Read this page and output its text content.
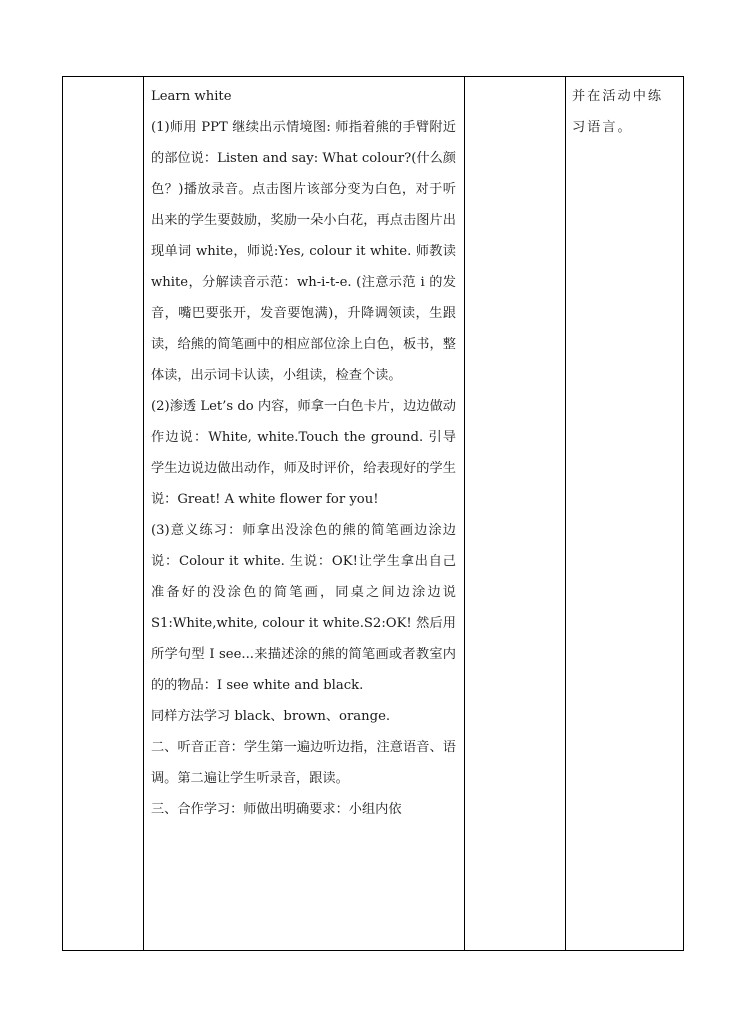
Learn white

(1)师用 PPT 继续出示情境图: 师指着熊的手臂附近的部位说：Listen and say: What colour?(什么颜色？)播放录音。点击图片该部分变为白色，对于听出来的学生要鼓励，奖励一朵小白花，再点击图片出现单词 white，师说:Yes, colour it white. 师教读 white，分解读音示范：wh-i-t-e. (注意示范 i 的发音，嘴巴要张开，发音要饱满)，升降调领读，生跟读，给熊的简笔画中的相应部位涂上白色，板书，整体读，出示词卡认读，小组读，检查个读。

(2)渗透 Let’s do 内容，师拿一白色卡片，边边做动作边说：White, white.Touch the ground. 引导学生边说边做出动作，师及时评价，给表现好的学生说：Great! A white flower for you!

(3)意义练习：师拿出没涂色的熊的简笔画边涂边说：Colour it white. 生说：OK!让学生拿出自己准备好的没涂色的简笔画，同桌之间边涂边说 S1:White,white, colour it white.S2:OK! 然后用所学句型 I see...来描述涂的熊的简笔画或者教室内的的物品：I see white and black.

同样方法学习 black、brown、orange.

二、听音正音：学生第一遍边听边指，注意语音、语调。第二遍让学生听录音，跟读。

三、合作学习：师做出明确要求：小组内依

并在活动中练习语言。
